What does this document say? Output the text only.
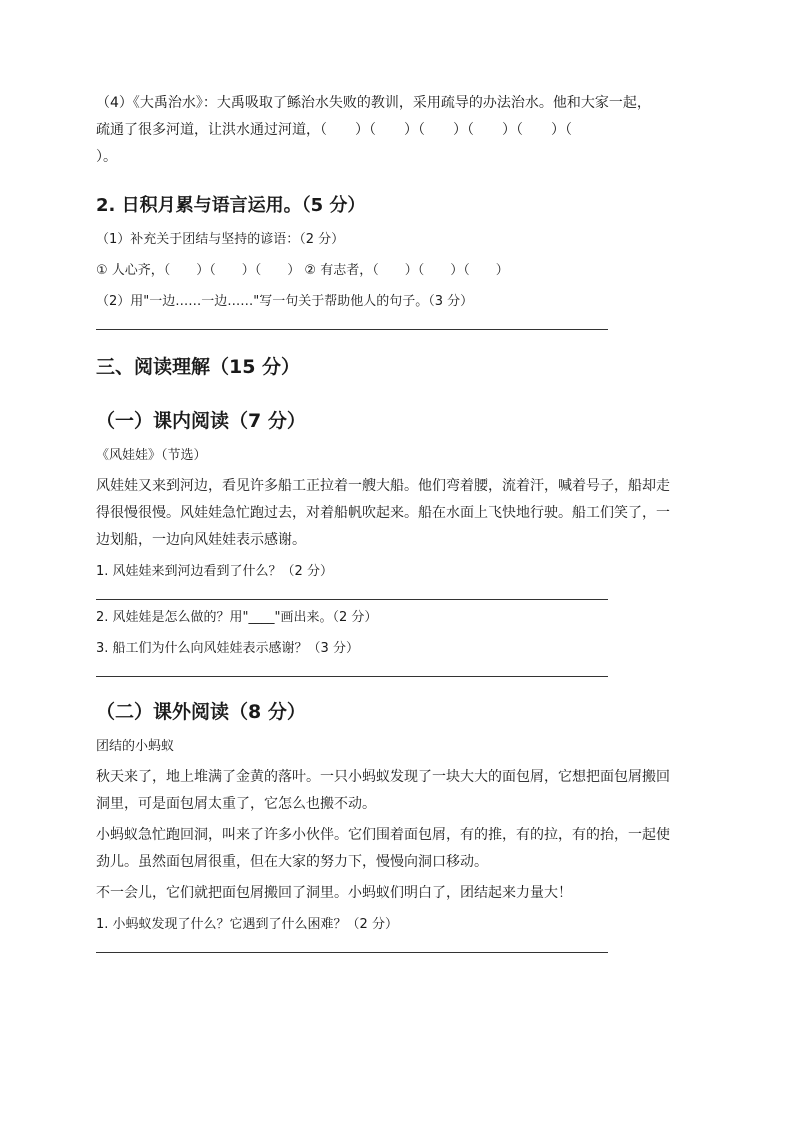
（4）《大禹治水》：大禹吸取了鲧治水失败的教训，采用疏导的办法治水。他和大家一起，

疏通了很多河道，让洪水通过河道，（　　）（　　）（　　）（　　）（　　）（

）。

2. 日积月累与语言运用。（5 分）

（1）补充关于团结与坚持的谚语：（2 分）

① 人心齐，（　　）（　　）（　　） ② 有志者，（　　）（　　）（　　）

（2）用"一边……一边……"写一句关于帮助他人的句子。（3 分）

三、阅读理解（15 分）

（一）课内阅读（7 分）

《风娃娃》（节选）

风娃娃又来到河边，看见许多船工正拉着一艘大船。他们弯着腰，流着汗，喊着号子，船却走

得很慢很慢。风娃娃急忙跑过去，对着船帆吹起来。船在水面上飞快地行驶。船工们笑了，一

边划船，一边向风娃娃表示感谢。

1. 风娃娃来到河边看到了什么？（2 分）

2. 风娃娃是怎么做的？用"____"画出来。（2 分）

3. 船工们为什么向风娃娃表示感谢？（3 分）

（二）课外阅读（8 分）

团结的小蚂蚁

秋天来了，地上堆满了金黄的落叶。一只小蚂蚁发现了一块大大的面包屑，它想把面包屑搬回

洞里，可是面包屑太重了，它怎么也搬不动。

小蚂蚁急忙跑回洞，叫来了许多小伙伴。它们围着面包屑，有的推，有的拉，有的抬，一起使

劲儿。虽然面包屑很重，但在大家的努力下，慢慢向洞口移动。

不一会儿，它们就把面包屑搬回了洞里。小蚂蚁们明白了，团结起来力量大！

1. 小蚂蚁发现了什么？它遇到了什么困难？（2 分）
